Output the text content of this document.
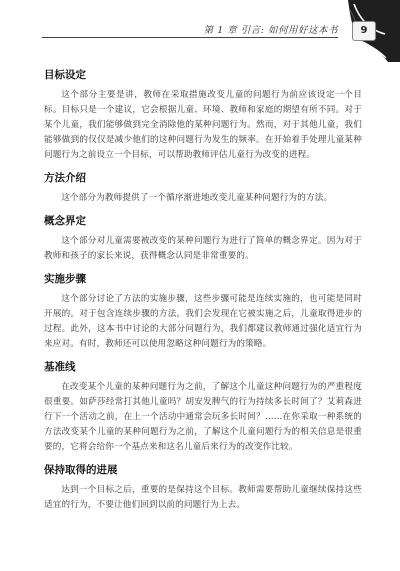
第 1 章 引言: 如何用好这本书	9
目标设定

这个部分主要是讲，教师在采取措施改变儿童的问题行为前应该设定一个目标。目标只是一个建议，它会根据儿童、环境、教师和家庭的期望有所不同。对于某个儿童，我们能够做到完全消除他的某种问题行为。然而，对于其他儿童，我们能够做到的仅仅是减少他们的这种问题行为发生的频率。在开始着手处理儿童某种问题行为之前设立一个目标，可以帮助教师评估儿童行为改变的进程。

方法介绍

这个部分为教师提供了一个循序渐进地改变儿童某种问题行为的方法。

概念界定

这个部分对儿童需要被改变的某种问题行为进行了简单的概念界定。因为对于教师和孩子的家长来说，获得概念认同是非常重要的。

实施步骤

这个部分讨论了方法的实施步骤，这些步骤可能是连续实施的，也可能是同时开展的。对于包含连续步骤的方法，我们会发现在它被实施之后，儿童取得进步的过程。此外，这本书中讨论的大部分问题行为，我们都建议教师通过强化适宜行为来应对。有时，教师还可以使用忽略这种问题行为的策略。

基准线

在改变某个儿童的某种问题行为之前，了解这个儿童这种问题行为的严重程度很重要。如萨莎经常打其他儿童吗？胡安发脾气的行为持续多长时间了？艾莉森进行下一个活动之前，在上一个活动中通常会玩多长时间？……在你采取一种系统的方法改变某个儿童的某种问题行为之前，了解这个儿童问题行为的相关信息是很重要的，它将会给你一个基点来和这名儿童后来行为的改变作比较。

保持取得的进展

达到一个目标之后，重要的是保持这个目标。教师需要帮助儿童继续保持这些适宜的行为，不要让他们回到以前的问题行为上去。
